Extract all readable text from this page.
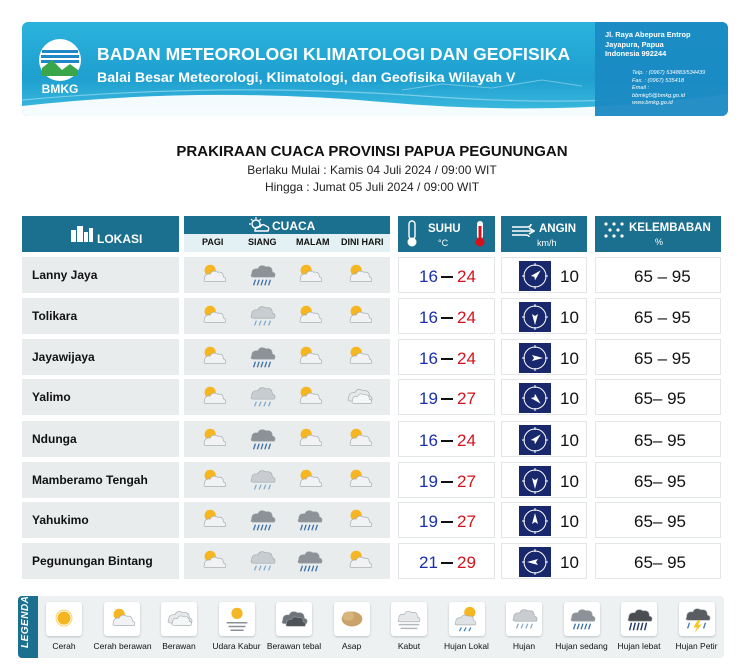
BMKG
BADAN METEOROLOGI KLIMATOLOGI DAN GEOFISIKA
Balai Besar Meteorologi, Klimatologi, dan Geofisika Wilayah V
Jl. Raya Abepura Entrop
Jayapura, Papua
Indonesia 992244
Telp. : (0967) 534883/534439
Fax. : (0967) 535418
Email :
bbmkg5@bmkg.go.id
www.bmkg.go.id
PRAKIRAAN CUACA PROVINSI PAPUA PEGUNUNGAN
Berlaku Mulai : Kamis 04 Juli 2024 / 09:00 WIT
Hingga : Jumat 05 Juli 2024 / 09:00 WIT
LOKASI
CUACA
PAGI	SIANG MALAM DINI HARI
SUHU
°C
ANGIN
km/h
KELEMBABAN
%
Lanny Jaya	16 24	10	65 – 95
Tolikara	16 24	10	65 – 95
Jayawijaya	16 24	10	65 – 95
Yalimo	19 27	10	65– 95
Ndunga	16 24	10	65– 95
Mamberamo Tengah	19 27	10	65– 95
Yahukimo	19 27	10	65– 95
Pegunungan Bintang	21 29	10	65– 95
LEGENDA	Cerah	Cerah berawan	Berawan	Udara Kabur Berawan tebal	Asap	Kabut	Hujan Lokal	Hujan	Hujan sedang	Hujan lebat	Hujan Petir
